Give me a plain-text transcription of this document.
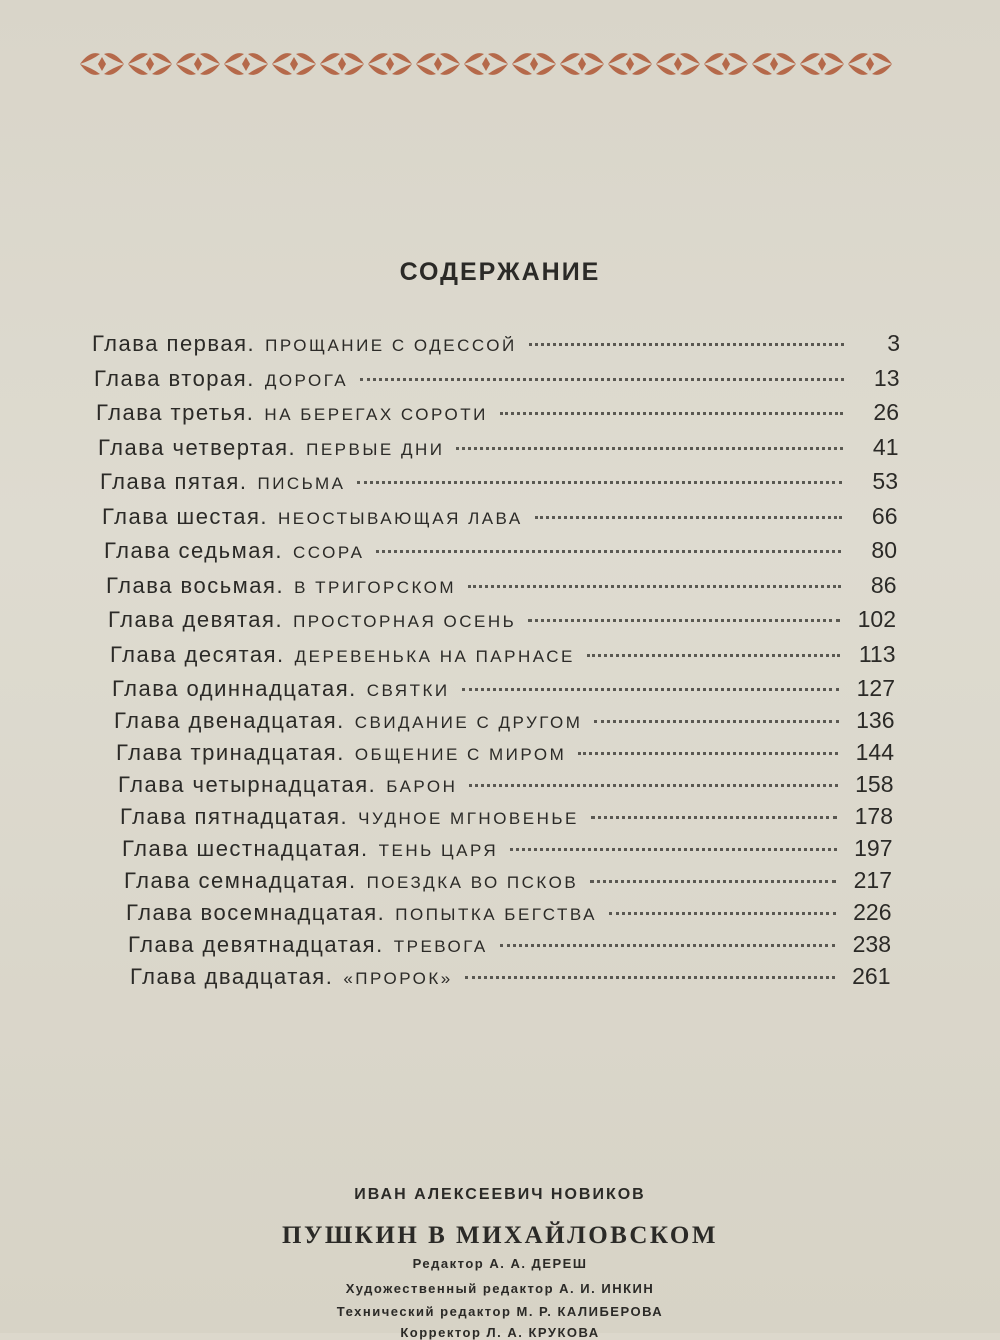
СОДЕРЖАНИЕ
Глава первая. ПРОЩАНИЕ С ОДЕССОЙ	3
Глава вторая. ДОРОГА	13
Глава третья. НА БЕРЕГАХ СОРОТИ	26
Глава четвертая. ПЕРВЫЕ ДНИ	41
Глава пятая. ПИСЬМА	53
Глава шестая. НЕОСТЫВАЮЩАЯ ЛАВА	66
Глава седьмая. ССОРА	80
Глава восьмая. В ТРИГОРСКОМ	86
Глава девятая. ПРОСТОРНАЯ ОСЕНЬ	102
Глава десятая. ДЕРЕВЕНЬКА НА ПАРНАСЕ	113
Глава одиннадцатая. СВЯТКИ	127
Глава двенадцатая. СВИДАНИЕ С ДРУГОМ	136
Глава тринадцатая. ОБЩЕНИЕ С МИРОМ	144
Глава четырнадцатая. БАРОН	158
Глава пятнадцатая. ЧУДНОЕ МГНОВЕНЬЕ	178
Глава шестнадцатая. ТЕНЬ ЦАРЯ	197
Глава семнадцатая. ПОЕЗДКА ВО ПСКОВ	217
Глава восемнадцатая. ПОПЫТКА БЕГСТВА	226
Глава девятнадцатая. ТРЕВОГА	238
Глава двадцатая. «ПРОРОК»	261
ИВАН АЛЕКСЕЕВИЧ НОВИКОВ
ПУШКИН В МИХАЙЛОВСКОМ
Редактор А. А. ДЕРЕШ
Художественный редактор А. И. ИНКИН
Технический редактор М. Р. КАЛИБЕРОВА
Корректор Л. А. КРУКОВА
